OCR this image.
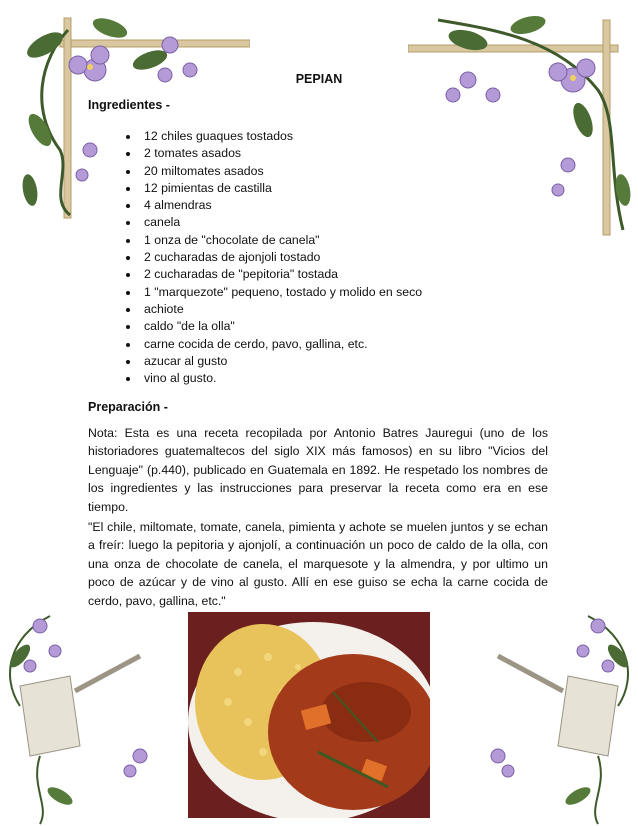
PEPIAN
Ingredientes -
12 chiles guaques tostados
2 tomates asados
20 miltomates asados
12 pimientas de castilla
4 almendras
canela
1 onza de "chocolate de canela"
2 cucharadas de ajonjoli tostado
2 cucharadas de "pepitoria" tostada
1 "marquezote" pequeno, tostado y molido en seco
achiote
caldo "de la olla"
carne cocida de cerdo, pavo, gallina, etc.
azucar al gusto
vino al gusto.
Preparación -
Nota: Esta es una receta recopilada por Antonio Batres Jauregui (uno de los historiadores guatemaltecos del siglo XIX más famosos) en su libro "Vicios del Lenguaje" (p.440), publicado en Guatemala en 1892. He respetado los nombres de los ingredientes y las instrucciones para preservar la receta como era en ese tiempo.
"El chile, miltomate, tomate, canela, pimienta y achote se muelen juntos y se echan a freír: luego la pepitoria y ajonjolí, a continuación un poco de caldo de la olla, con una onza de chocolate de canela, el marquesote y la almendra, y por ultimo un poco de azúcar y de vino al gusto. Allí en ese guiso se echa la carne cocida de cerdo, pavo, gallina, etc."
